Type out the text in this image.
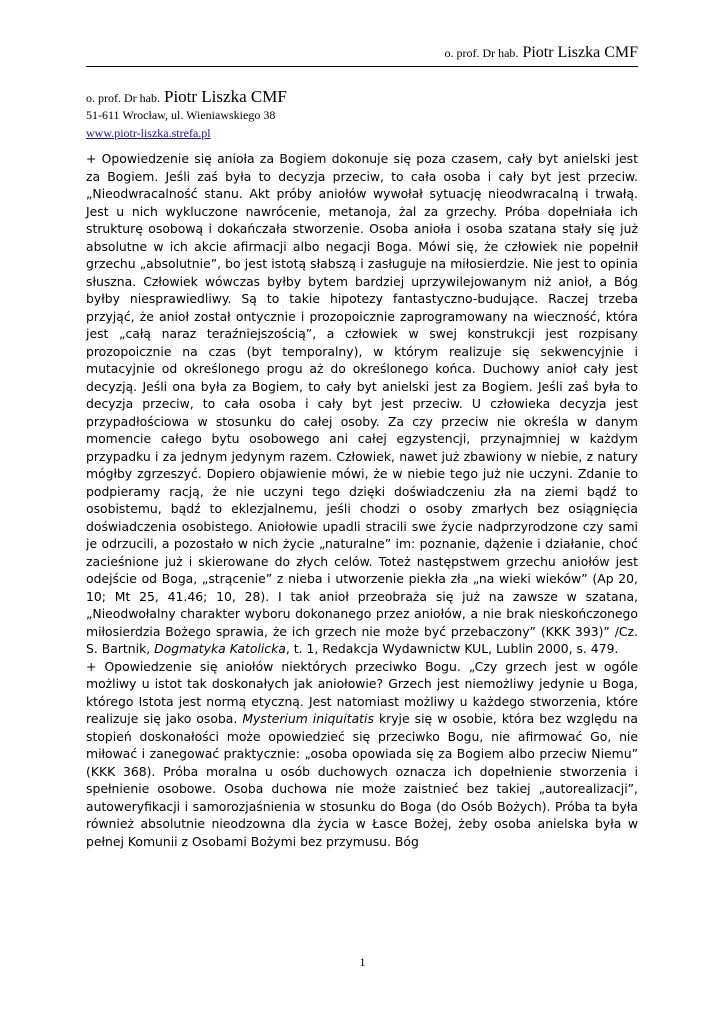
o. prof. Dr hab. Piotr Liszka CMF
o. prof. Dr hab. Piotr Liszka CMF
51-611 Wrocław, ul. Wieniawskiego 38
www.piotr-liszka.strefa.pl

+ Opowiedzenie się anioła za Bogiem dokonuje się poza czasem, cały byt anielski jest za Bogiem. Jeśli zaś była to decyzja przeciw, to cała osoba i cały byt jest przeciw. „Nieodwracalność stanu. Akt próby aniołów wywołał sytuację nieodwracalną i trwałą. Jest u nich wykluczone nawrócenie, metanoja, żal za grzechy. Próba dopełniała ich strukturę osobową i dokańczała stworzenie. Osoba anioła i osoba szatana stały się już absolutne w ich akcie afirmacji albo negacji Boga. Mówi się, że człowiek nie popełnił grzechu „absolutnie”, bo jest istotą słabszą i zasługuje na miłosierdzie. Nie jest to opinia słuszna. Człowiek wówczas byłby bytem bardziej uprzywilejowanym niż anioł, a Bóg byłby niesprawiedliwy. Są to takie hipotezy fantastyczno-budujące. Raczej trzeba przyjąć, że anioł został ontycznie i prozopoicznie zaprogramowany na wieczność, która jest „całą naraz teraźniejszością”, a człowiek w swej konstrukcji jest rozpisany prozopoicznie na czas (byt temporalny), w którym realizuje się sekwencyjnie i mutacyjnie od określonego progu aż do określonego końca. Duchowy anioł cały jest decyzją. Jeśli ona była za Bogiem, to cały byt anielski jest za Bogiem. Jeśli zaś była to decyzja przeciw, to cała osoba i cały byt jest przeciw. U człowieka decyzja jest przypadłościowa w stosunku do całej osoby. Za czy przeciw nie określa w danym momencie całego bytu osobowego ani całej egzystencji, przynajmniej w każdym przypadku i za jednym jedynym razem. Człowiek, nawet już zbawiony w niebie, z natury mógłby zgrzeszyć. Dopiero objawienie mówi, że w niebie tego już nie uczyni. Zdanie to podpieramy racją, że nie uczyni tego dzięki doświadczeniu zła na ziemi bądź to osobistemu, bądź to eklezjalnemu, jeśli chodzi o osoby zmarłych bez osiągnięcia doświadczenia osobistego. Aniołowie upadli stracili swe życie nadprzyrodzone czy sami je odrzucili, a pozostało w nich życie „naturalne” im: poznanie, dążenie i działanie, choć zacieśnione już i skierowane do złych celów. Toteż następstwem grzechu aniołów jest odejście od Boga, „strącenie” z nieba i utworzenie piekła zła „na wieki wieków” (Ap 20, 10; Mt 25, 41.46; 10, 28). I tak anioł przeobraża się już na zawsze w szatana, „Nieodwołalny charakter wyboru dokonanego przez aniołów, a nie brak nieskończonego miłosierdzia Bożego sprawia, że ich grzech nie może być przebaczony” (KKK 393)” /Cz. S. Bartnik, Dogmatyka Katolicka, t. 1, Redakcja Wydawnictw KUL, Lublin 2000, s. 479.

+ Opowiedzenie się aniołów niektórych przeciwko Bogu. „Czy grzech jest w ogóle możliwy u istot tak doskonałych jak aniołowie? Grzech jest niemożliwy jedynie u Boga, którego Istota jest normą etyczną. Jest natomiast możliwy u każdego stworzenia, które realizuje się jako osoba. Mysterium iniquitatis kryje się w osobie, która bez względu na stopień doskonałości może opowiedzieć się przeciwko Bogu, nie afirmować Go, nie miłować i zanegować praktycznie: „osoba opowiada się za Bogiem albo przeciw Niemu” (KKK 368). Próba moralna u osób duchowych oznacza ich dopełnienie stworzenia i spełnienie osobowe. Osoba duchowa nie może zaistnieć bez takiej „autorealizacji”, autoweryfikacji i samorozjaśnienia w stosunku do Boga (do Osób Bożych). Próba ta była również absolutnie nieodzowna dla życia w Łasce Bożej, żeby osoba anielska była w pełnej Komunii z Osobami Bożymi bez przymusu. Bóg

1
